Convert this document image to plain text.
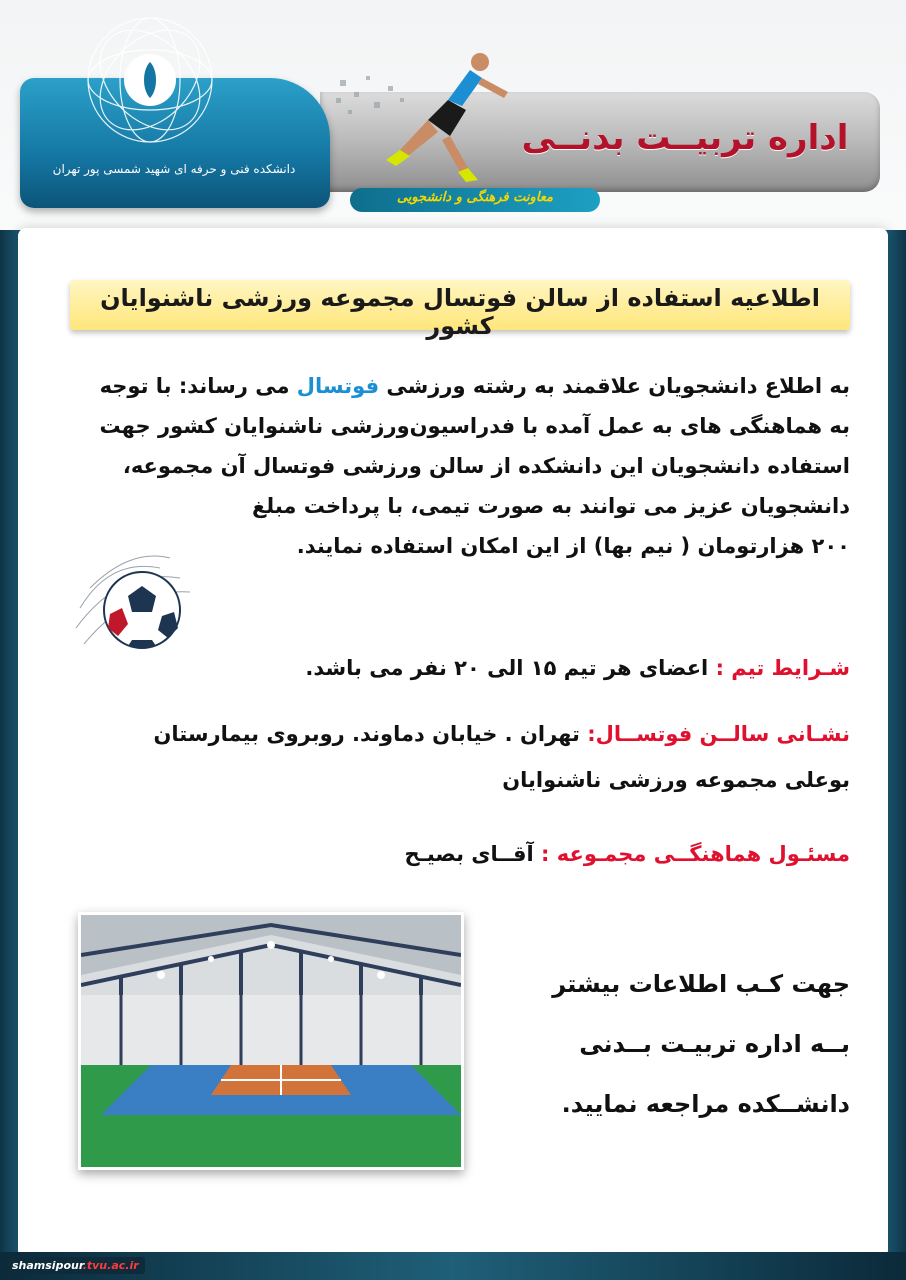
اداره تربیــت بدنــی
معاونت فرهنگی و دانشجویی
دانشکده فنی و حرفه ای شهید شمسی پور تهران
اطلاعیه استفاده از سالن فوتسال مجموعه ورزشی ناشنوایان کشور
به اطلاع دانشجویان علاقمند به رشته ورزشی فوتسال می رساند: با توجه
به هماهنگی های به عمل آمده با فدراسیون‌ورزشی ناشنوایان کشور جهت
استفاده دانشجویان این دانشکده از سالن ورزشی فوتسال آن مجموعه،
دانشجویان عزیز می توانند به صورت تیمی، با پرداخت مبلغ
۲۰۰ هزارتومان ( نیم بها) از این امکان استفاده نمایند.
شـرایط تیم : اعضای هر تیم ۱۵ الی ۲۰ نفر می باشد.
نشـانی سالــن فوتســال: تهران . خیابان دماوند. روبروی بیمارستان
بوعلی مجموعه ورزشی ناشنوایان
مسئـول هماهنگــی مجمـوعه : آقــای بصیـح
جهت کـب اطلاعات بیشتر
بــه اداره تربیـت بــدنی
دانشــکده مراجعه نمایید.
shamsipour.tvu.ac.ir
